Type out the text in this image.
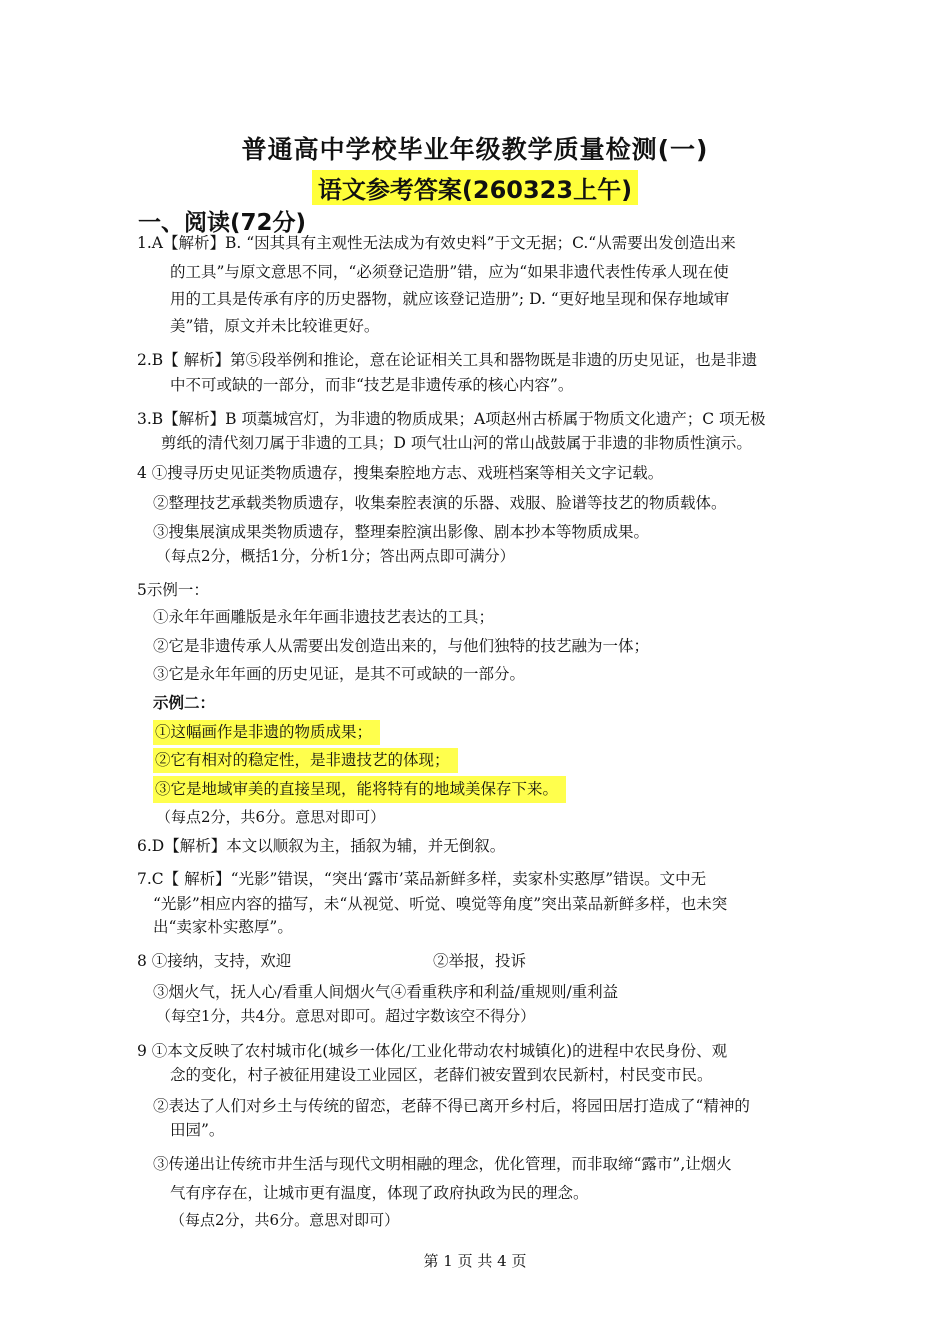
普通高中学校毕业年级教学质量检测(一)
语文参考答案(260323上午)
一、阅读(72分)
1.A【解析】B. “因其具有主观性无法成为有效史料”于文无据；C.“从需要出发创造出来
的工具”与原文意思不同，“必须登记造册”错，应为“如果非遗代表性传承人现在使
用的工具是传承有序的历史器物，就应该登记造册”; D. “更好地呈现和保存地域审
美”错，原文并未比较谁更好。
2.B【 解析】第⑤段举例和推论，意在论证相关工具和器物既是非遗的历史见证，也是非遗
中不可或缺的一部分，而非“技艺是非遗传承的核心内容”。
3.B【解析】B 项藁城宫灯，为非遗的物质成果；A项赵州古桥属于物质文化遗产；C 项无极
剪纸的清代刻刀属于非遗的工具；D 项气壮山河的常山战鼓属于非遗的非物质性演示。
4 ①搜寻历史见证类物质遗存，搜集秦腔地方志、戏班档案等相关文字记载。
②整理技艺承载类物质遗存，收集秦腔表演的乐器、戏服、脸谱等技艺的物质载体。
③搜集展演成果类物质遗存，整理秦腔演出影像、剧本抄本等物质成果。
（每点2分，概括1分，分析1分；答出两点即可满分）
5示例一：
①永年年画雕版是永年年画非遗技艺表达的工具；
②它是非遗传承人从需要出发创造出来的，与他们独特的技艺融为一体；
③它是永年年画的历史见证，是其不可或缺的一部分。
示例二：
①这幅画作是非遗的物质成果；
②它有相对的稳定性，是非遗技艺的体现；
③它是地域审美的直接呈现，能将特有的地域美保存下来。
（每点2分，共6分。意思对即可）
6.D【解析】本文以顺叙为主，插叙为辅，并无倒叙。
7.C【 解析】“光影”错误，“突出‘露市’菜品新鲜多样，卖家朴实憨厚”错误。文中无
“光影”相应内容的描写，未“从视觉、听觉、嗅觉等角度”突出菜品新鲜多样，也未突
出“卖家朴实憨厚”。
8 ①接纳，支持，欢迎	②举报，投诉
③烟火气，抚人心/看重人间烟火气④看重秩序和利益/重规则/重利益
（每空1分，共4分。意思对即可。超过字数该空不得分）
9 ①本文反映了农村城市化(城乡一体化/工业化带动农村城镇化)的进程中农民身份、观
念的变化，村子被征用建设工业园区，老薛们被安置到农民新村，村民变市民。
②表达了人们对乡土与传统的留恋，老薛不得已离开乡村后，将园田居打造成了“精神的
田园”。
③传递出让传统市井生活与现代文明相融的理念，优化管理，而非取缔“露市”,让烟火
气有序存在，让城市更有温度，体现了政府执政为民的理念。
（每点2分，共6分。意思对即可）
第 1 页 共 4 页
